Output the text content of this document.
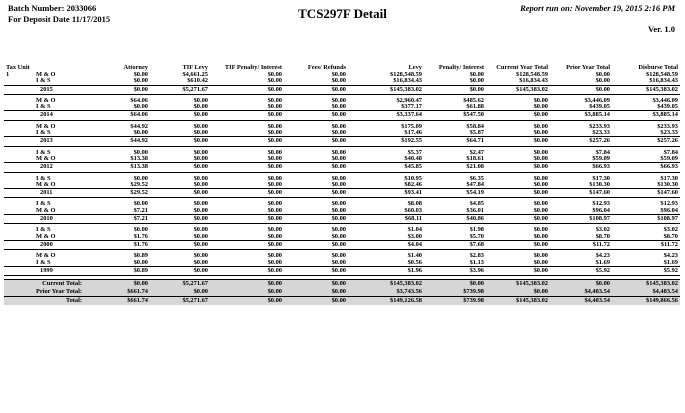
Batch Number: 2033066
For Deposit Date 11/17/2015	TCS297F Detail	Report run on: November 19, 2015 2:16 PM
Ver. 1.0
Tax Unit	Attorney	TIF Levy	TIF Penalty/ Interest	Fees/ Refunds	Levy	Penalty/ Interest	Current Year Total	Prior Year Total	Disburse Total
1 M & O	$0.00	$4,661.25	$0.00	$0.00	$128,548.59	$0.00	$128,548.59	$0.00	$128,548.59
I & S	$0.00	$610.42	$0.00	$0.00	$16,834.43	$0.00	$16,834.43	$0.00	$16,834.43
2015	$0.00	$5,271.67	$0.00	$0.00	$145,383.02	$0.00	$145,383.02	$0.00	$145,383.02

M & O	$64.06	$0.00	$0.00	$0.00	$2,960.47	$485.62	$0.00	$3,446.09	$3,446.09
I & S	$0.00	$0.00	$0.00	$0.00	$377.17	$61.88	$0.00	$439.05	$439.05
2014	$64.06	$0.00	$0.00	$0.00	$3,337.64	$547.50	$0.00	$3,885.14	$3,885.14

M & O	$44.92	$0.00	$0.00	$0.00	$175.09	$58.84	$0.00	$233.93	$233.93
I & S	$0.00	$0.00	$0.00	$0.00	$17.46	$5.87	$0.00	$23.33	$23.33
2013	$44.92	$0.00	$0.00	$0.00	$192.55	$64.71	$0.00	$257.26	$257.26

I & S	$0.00	$0.00	$0.00	$0.00	$5.37	$2.47	$0.00	$7.84	$7.84
M & O	$13.38	$0.00	$0.00	$0.00	$40.48	$18.61	$0.00	$59.09	$59.09
2012	$13.38	$0.00	$0.00	$0.00	$45.85	$21.08	$0.00	$66.93	$66.93

I & S	$0.00	$0.00	$0.00	$0.00	$10.95	$6.35	$0.00	$17.30	$17.30
M & O	$29.52	$0.00	$0.00	$0.00	$82.46	$47.84	$0.00	$130.30	$130.30
2011	$29.52	$0.00	$0.00	$0.00	$93.41	$54.19	$0.00	$147.60	$147.60

I & S	$0.00	$0.00	$0.00	$0.00	$8.08	$4.85	$0.00	$12.93	$12.93
M & O	$7.21	$0.00	$0.00	$0.00	$60.03	$36.01	$0.00	$96.04	$96.04
2010	$7.21	$0.00	$0.00	$0.00	$68.11	$40.86	$0.00	$108.97	$108.97

I & S	$0.00	$0.00	$0.00	$0.00	$1.04	$1.98	$0.00	$3.02	$3.02
M & O	$1.76	$0.00	$0.00	$0.00	$3.00	$5.70	$0.00	$8.70	$8.70
2000	$1.76	$0.00	$0.00	$0.00	$4.04	$7.68	$0.00	$11.72	$11.72

M & O	$0.89	$0.00	$0.00	$0.00	$1.40	$2.83	$0.00	$4.23	$4.23
I & S	$0.00	$0.00	$0.00	$0.00	$0.56	$1.13	$0.00	$1.69	$1.69
1999	$0.89	$0.00	$0.00	$0.00	$1.96	$3.96	$0.00	$5.92	$5.92

Current Total:	$0.00	$5,271.67	$0.00	$0.00	$145,383.02	$0.00	$145,383.02	$0.00	$145,383.02
Prior Year Total:	$661.74	$0.00	$0.00	$0.00	$3,743.56	$739.98	$0.00	$4,483.54	$4,483.54
Total:	$661.74	$5,271.67	$0.00	$0.00	$149,126.58	$739.98	$145,383.02	$4,483.54	$149,866.56
